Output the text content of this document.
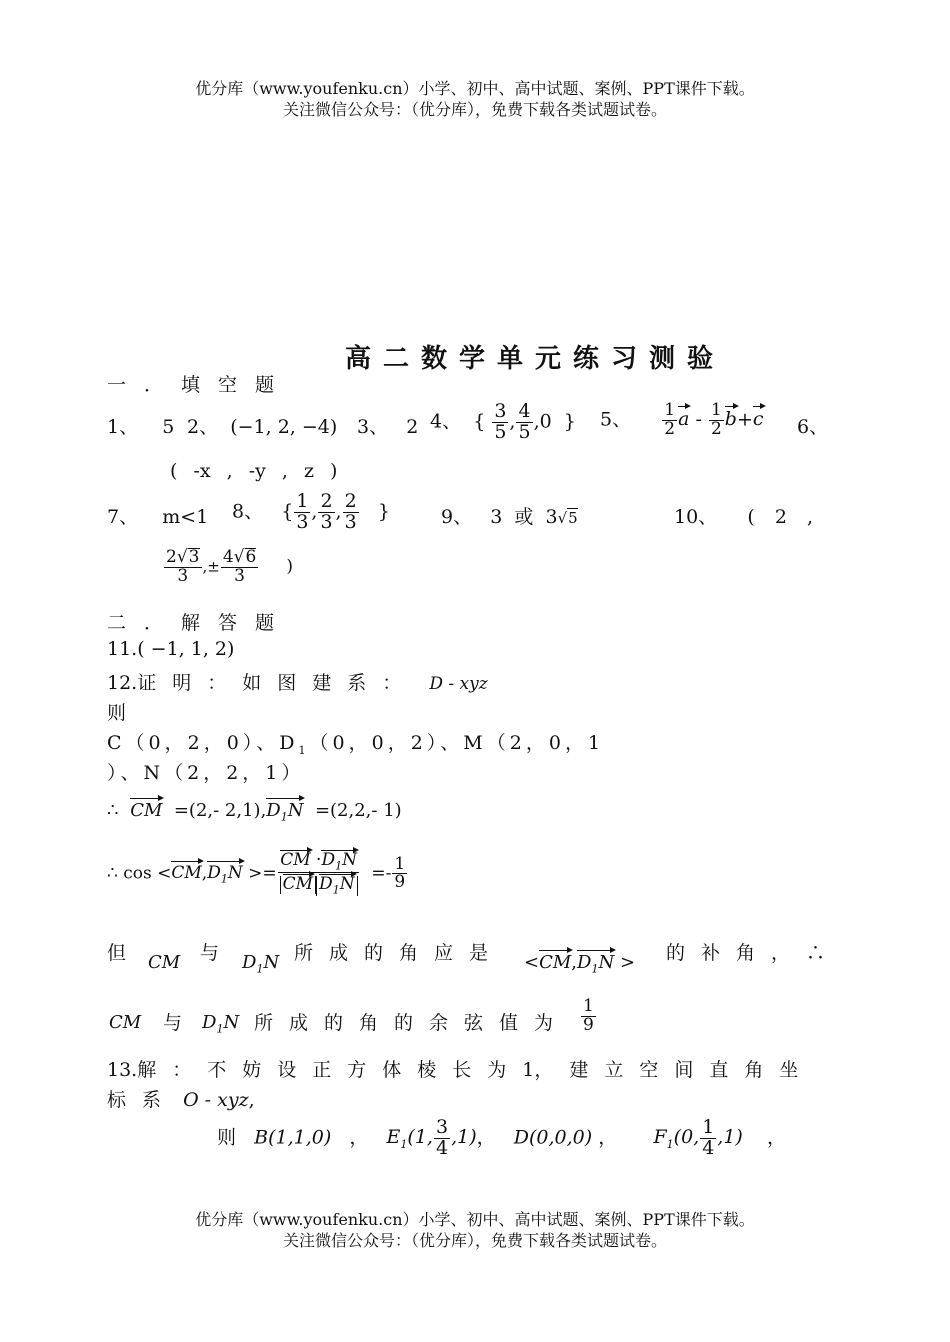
优分库（www.youfenku.cn）小学、初中、高中试题、案例、PPT课件下载。
关注微信公众号：（优分库），免费下载各类试题试卷。
高二数学单元练习测验
一．填空题
1、 5 2、 (−1, 2, −4) 3、 2 4、 { $\frac{3}{5}$ , $\frac{4}{5} ,0$ } 5、 $\frac{1}{2}$ $a - \frac{1}{2} b+c$ 6、
( -x , -y , z )
7、 m<1 8、 { $\frac{1}{3}$ , $\frac{2}{3}$ , $\frac{2}{3}$ }	9、 3 或 3√5	10、 ( 2 ,
$\frac{2√3}{3}$ ,± $\frac{4√6}{3}$ )
二．解答题
11.( −1, 1, 2)
12.证明：如图建系： D - xyz
则
C（0，2，0）、$D_1(0$，0，2）、M（2，0，1
）、N（2，2，1）
∴ CM =(2,- $2,1),D_1N =(2,2,-$ 1)
∴ $\cos <CM,D_1N >= \frac{CM \cdot D_1N}{CM D_1N} =- \frac{1}{9}$
但 CM 与 $D_1N$ 所成的角应是 $<CM,D_1N$ > 的补角，∴
CM 与 $D_1N$ 所成的角的余弦值为 $\frac{1}{9}$
13.解：不妨设正方体棱长为1，建立空间直角坐
标系 O - xyz,
则 B(1,1,0) ， $E_1(1$, $\frac{3}{4} ,1$)， D(0,0,0) ， $F_1(0$, $\frac{1}{4} ,1$) ，
优分库（www.youfenku.cn）小学、初中、高中试题、案例、PPT课件下载。
关注微信公众号：（优分库），免费下载各类试题试卷。
